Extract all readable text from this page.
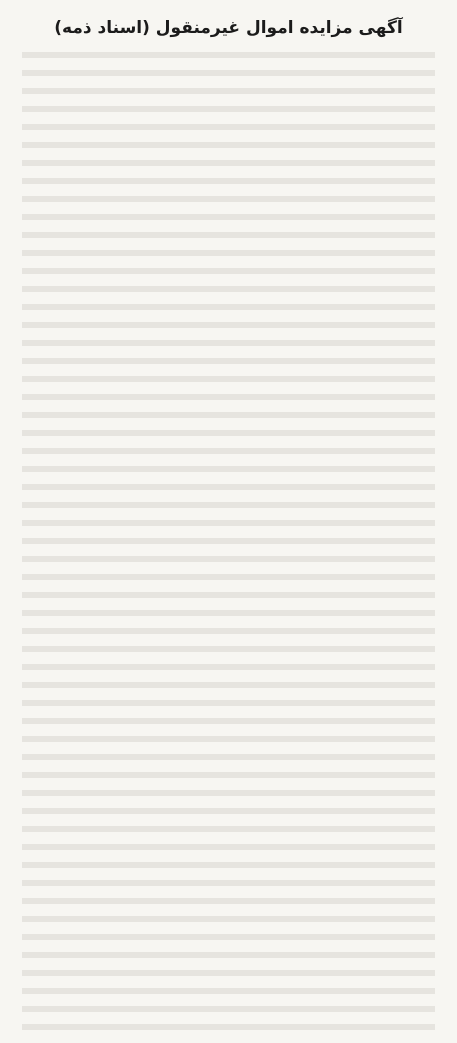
آگهی مزایده اموال غیرمنقول (اسناد ذمه)
